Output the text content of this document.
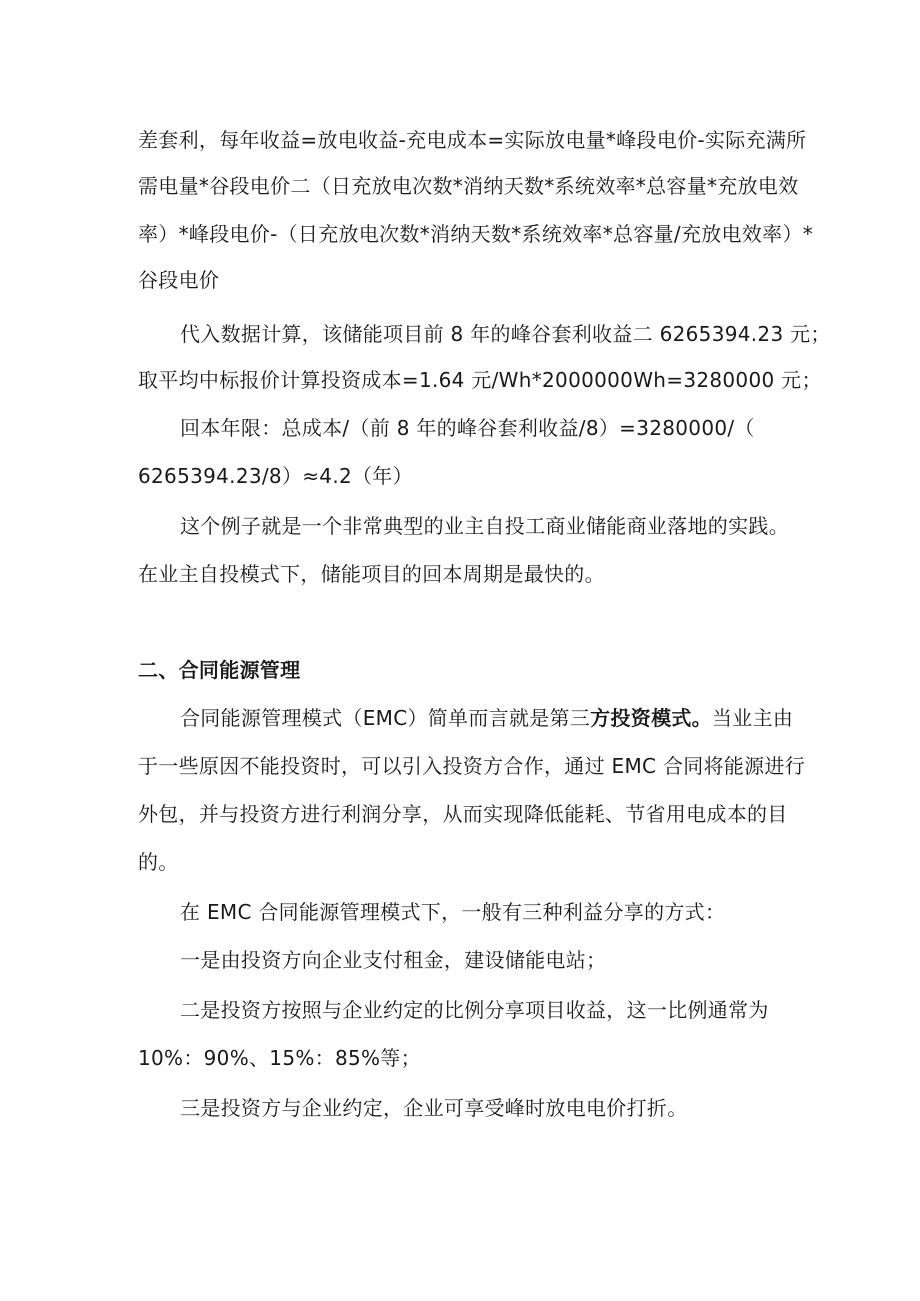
差套利，每年收益=放电收益-充电成本=实际放电量*峰段电价-实际充满所
需电量*谷段电价二（日充放电次数*消纳天数*系统效率*总容量*充放电效
率）*峰段电价-（日充放电次数*消纳天数*系统效率*总容量/充放电效率）*
谷段电价
代入数据计算，该储能项目前 8 年的峰谷套利收益二 6265394.23 元；
取平均中标报价计算投资成本=1.64 元/Wh*2000000Wh=3280000 元；
回本年限：总成本/（前 8 年的峰谷套利收益/8）=3280000/（
6265394.23/8）≈4.2（年）
这个例子就是一个非常典型的业主自投工商业储能商业落地的实践。
在业主自投模式下，储能项目的回本周期是最快的。
二、合同能源管理
合同能源管理模式（EMC）简单而言就是第三方投资模式。当业主由
于一些原因不能投资时，可以引入投资方合作，通过 EMC 合同将能源进行
外包，并与投资方进行利润分享，从而实现降低能耗、节省用电成本的目
的。
在 EMC 合同能源管理模式下，一般有三种利益分享的方式：
一是由投资方向企业支付租金，建设储能电站；
二是投资方按照与企业约定的比例分享项目收益，这一比例通常为
10%：90%、15%：85%等；
三是投资方与企业约定，企业可享受峰时放电电价打折。
